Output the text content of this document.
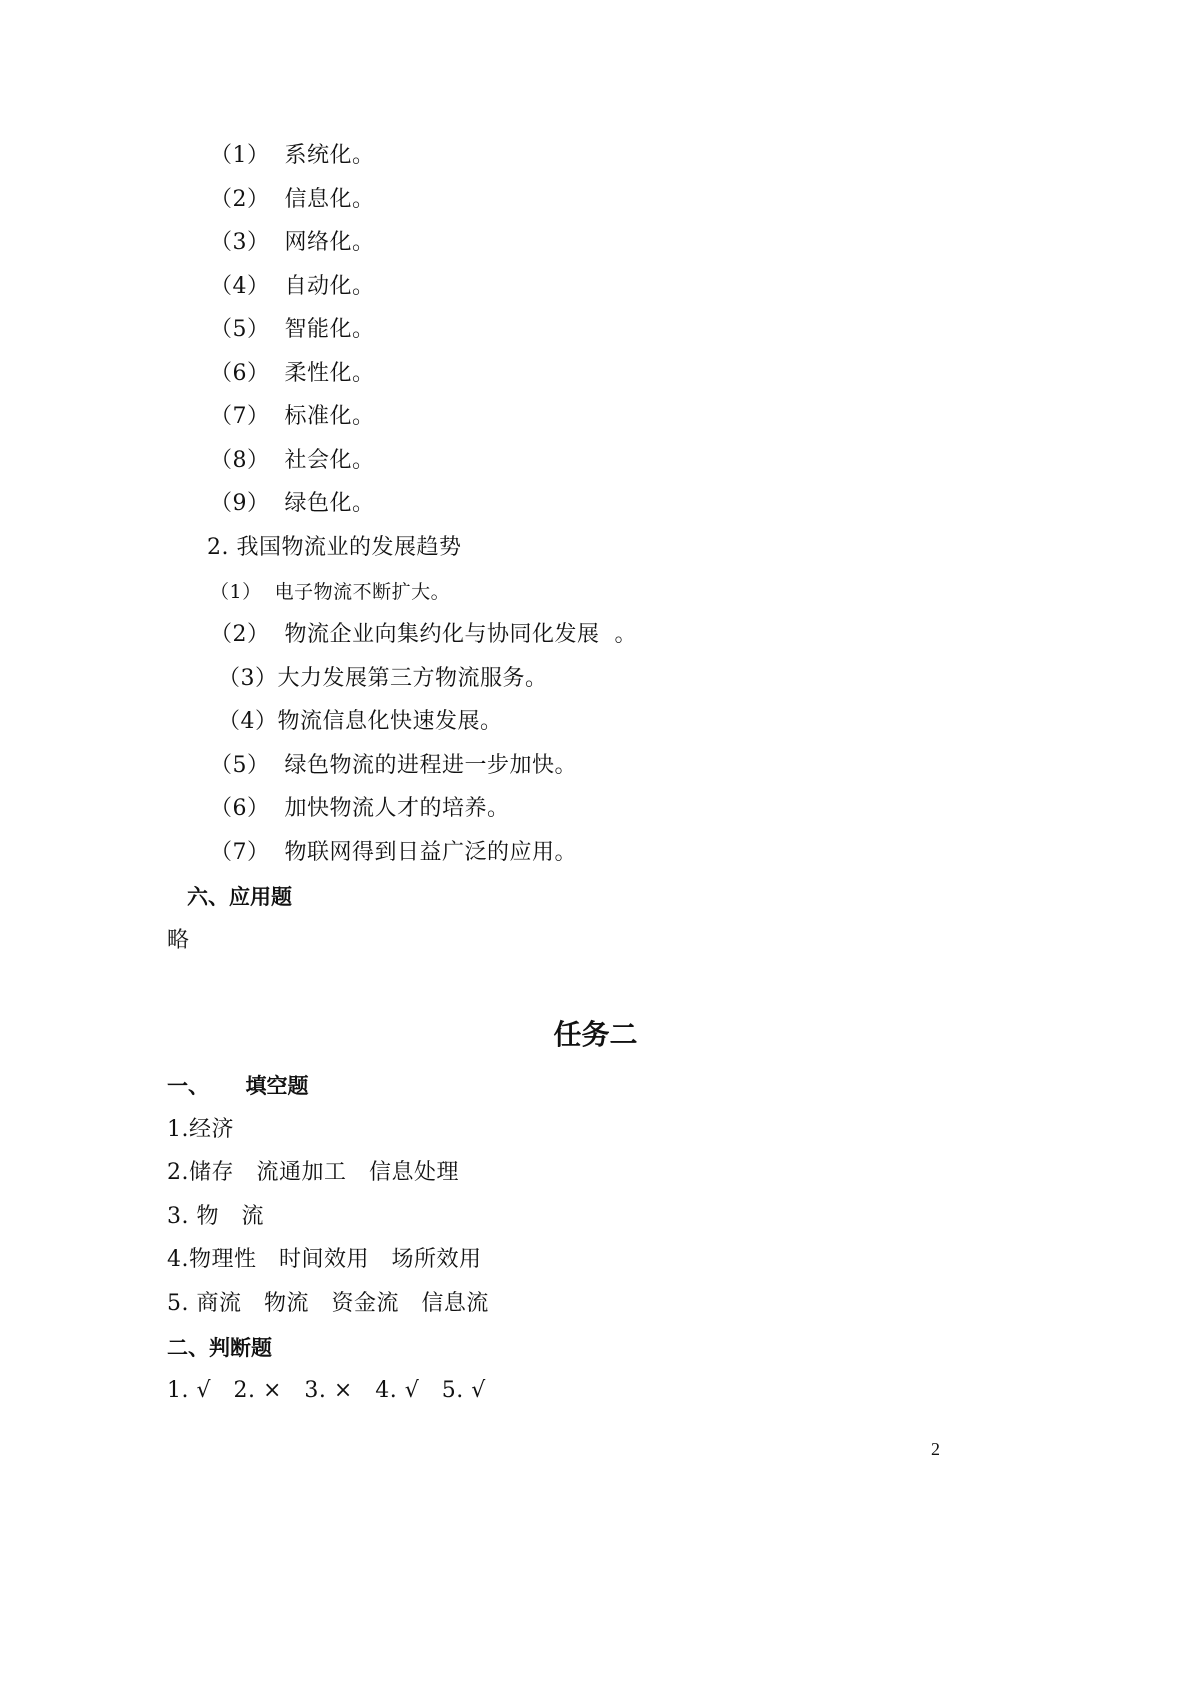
（1）  系统化。
（2）  信息化。
（3）  网络化。
（4）  自动化。
（5）  智能化。
（6）  柔性化。
（7）  标准化。
（8）  社会化。
（9）  绿色化。
2. 我国物流业的发展趋势
（1）  电子物流不断扩大。
（2）  物流企业向集约化与协同化发展  。
（3）大力发展第三方物流服务。
（4）物流信息化快速发展。
（5）  绿色物流的进程进一步加快。
（6）  加快物流人才的培养。
（7）  物联网得到日益广泛的应用。
六、应用题
略
任务二
一、     填空题
1.经济
2.储存   流通加工   信息处理
3. 物   流
4.物理性   时间效用   场所效用
5. 商流   物流   资金流   信息流
二、判断题
1. √   2. ×   3. ×   4. √   5. √
2
